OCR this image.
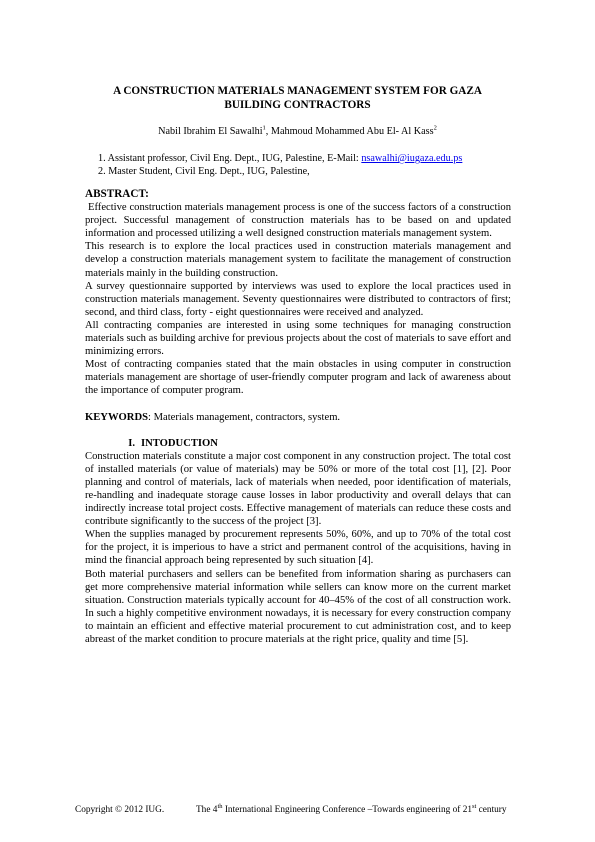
A CONSTRUCTION MATERIALS MANAGEMENT SYSTEM FOR GAZA
BUILDING CONTRACTORS
Nabil Ibrahim El Sawalhi$^1$, Mahmoud Mohammed Abu El- Al Kass$^2$
1. Assistant professor, Civil Eng. Dept., IUG, Palestine, E-Mail: nsawalhi@iugaza.edu.ps
2. Master Student, Civil Eng. Dept., IUG, Palestine,
ABSTRACT:

Effective construction materials management process is one of the success factors of a construction project. Successful management of construction materials has to be based on and updated information and processed utilizing a well designed construction materials management system.

This research is to explore the local practices used in construction materials management and develop a construction materials management system to facilitate the management of construction materials mainly in the building construction.

A survey questionnaire supported by interviews was used to explore the local practices used in construction materials management. Seventy questionnaires were distributed to contractors of first; second, and third class, forty - eight questionnaires were received and analyzed.

All contracting companies are interested in using some techniques for managing construction materials such as building archive for previous projects about the cost of materials to save effort and minimizing errors.

Most of contracting companies stated that the main obstacles in using computer in construction materials management are shortage of user-friendly computer program and lack of awareness about the importance of computer program.

KEYWORDS: Materials management, contractors, system.

I. INTODUCTION

Construction materials constitute a major cost component in any construction project. The total cost of installed materials (or value of materials) may be 50% or more of the total cost [1], [2]. Poor planning and control of materials, lack of materials when needed, poor identification of materials, re-handling and inadequate storage cause losses in labor productivity and overall delays that can indirectly increase total project costs. Effective management of materials can reduce these costs and contribute significantly to the success of the project [3].

When the supplies managed by procurement represents 50%, 60%, and up to 70% of the total cost for the project, it is imperious to have a strict and permanent control of the acquisitions, having in mind the financial approach being represented by such situation [4].

Both material purchasers and sellers can be benefited from information sharing as purchasers can get more comprehensive material information while sellers can know more on the current market situation. Construction materials typically account for 40–45% of the cost of all construction work. In such a highly competitive environment nowadays, it is necessary for every construction company to maintain an efficient and effective material procurement to cut administration cost, and to keep abreast of the market condition to procure materials at the right price, quality and time [5].

Copyright © 2012 IUG.	The 4th International Engineering Conference –Towards engineering of 21st century
